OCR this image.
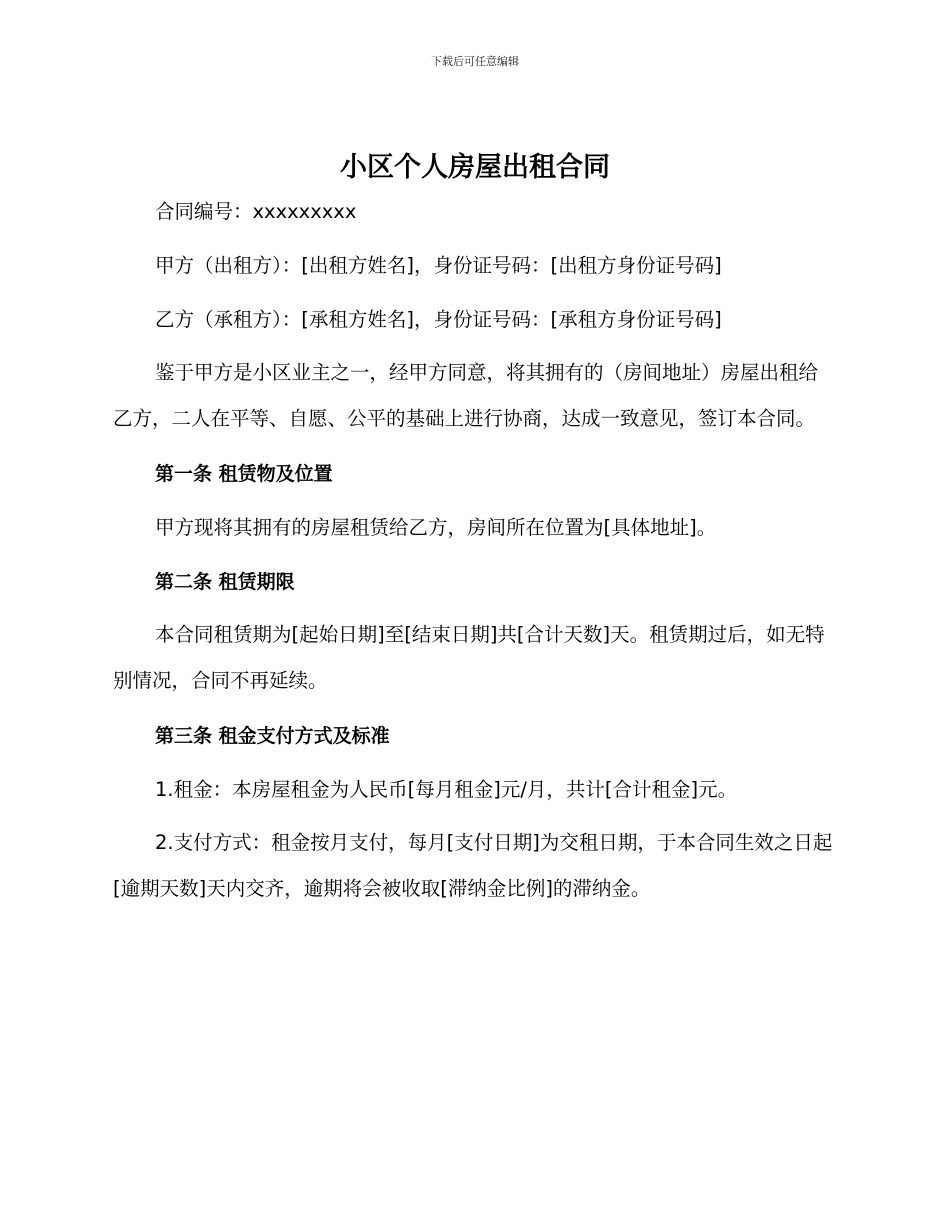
下载后可任意编辑
小区个人房屋出租合同

合同编号：xxxxxxxxx

甲方（出租方）：[出租方姓名]，身份证号码：[出租方身份证号码]

乙方（承租方）：[承租方姓名]，身份证号码：[承租方身份证号码]

鉴于甲方是小区业主之一，经甲方同意，将其拥有的（房间地址）房屋出租给乙方，二人在平等、自愿、公平的基础上进行协商，达成一致意见，签订本合同。

第一条 租赁物及位置

甲方现将其拥有的房屋租赁给乙方，房间所在位置为[具体地址]。

第二条 租赁期限

本合同租赁期为[起始日期]至[结束日期]共[合计天数]天。租赁期过后，如无特别情况，合同不再延续。

第三条 租金支付方式及标准

1.租金：本房屋租金为人民币[每月租金]元/月，共计[合计租金]元。

2.支付方式：租金按月支付，每月[支付日期]为交租日期，于本合同生效之日起[逾期天数]天内交齐，逾期将会被收取[滞纳金比例]的滞纳金。
